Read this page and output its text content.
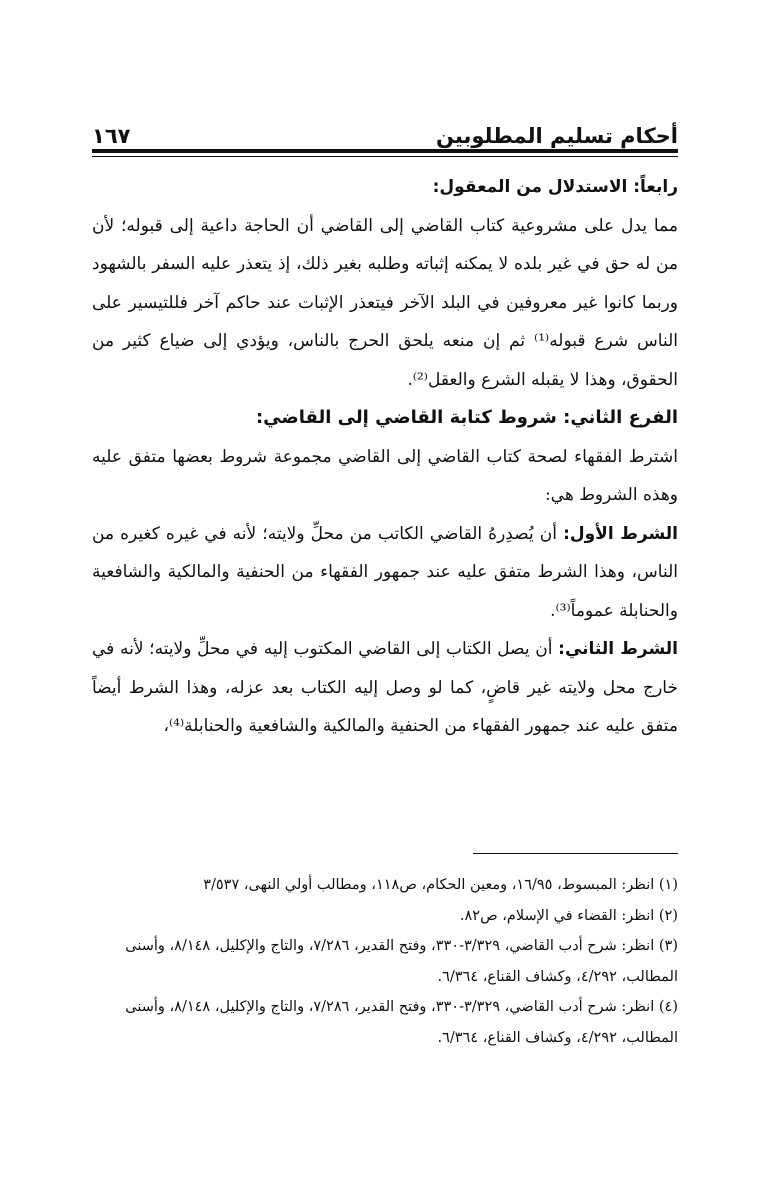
أحكام تسليم المطلوبين
١٦٧

رابعاً: الاستدلال من المعقول:

مما يدل على مشروعية كتاب القاضي إلى القاضي أن الحاجة داعية إلى قبوله؛ لأن من له حق في غير بلده لا يمكنه إثباته وطلبه بغير ذلك، إذ يتعذر عليه السفر بالشهود وربما كانوا غير معروفين في البلد الآخر فيتعذر الإثبات عند حاكم آخر فللتيسير على الناس شرع قبوله⁽¹⁾ ثم إن منعه يلحق الحرج بالناس، ويؤدي إلى ضياع كثير من الحقوق، وهذا لا يقبله الشرع والعقل⁽²⁾.

الفرع الثاني: شروط كتابة القاضي إلى القاضي:

اشترط الفقهاء لصحة كتاب القاضي إلى القاضي مجموعة شروط بعضها متفق عليه وهذه الشروط هي:

الشرط الأول: أن يُصدِرهُ القاضي الكاتب من محلِّ ولايته؛ لأنه في غيره كغيره من الناس، وهذا الشرط متفق عليه عند جمهور الفقهاء من الحنفية والمالكية والشافعية والحنابلة عموماً⁽³⁾.

الشرط الثاني: أن يصل الكتاب إلى القاضي المكتوب إليه في محلِّ ولايته؛ لأنه في خارج محل ولايته غير قاضٍ، كما لو وصل إليه الكتاب بعد عزله، وهذا الشرط أيضاً متفق عليه عند جمهور الفقهاء من الحنفية والمالكية والشافعية والحنابلة⁽⁴⁾،

(١) انظر: المبسوط، ١٦/٩٥، ومعين الحكام، ص١١٨، ومطالب أولي النهى، ٣/٥٣٧

(٢) انظر: القضاء في الإسلام، ص٨٢.

(٣) انظر: شرح أدب القاضي، ٣/٣٢٩-٣٣٠، وفتح القدير، ٧/٢٨٦، والتاج والإكليل، ٨/١٤٨، وأسنى المطالب، ٤/٢٩٢، وكشاف القناع، ٦/٣٦٤.

(٤) انظر: شرح أدب القاضي، ٣/٣٢٩-٣٣٠، وفتح القدير، ٧/٢٨٦، والتاج والإكليل، ٨/١٤٨، وأسنى المطالب، ٤/٢٩٢، وكشاف القناع، ٦/٣٦٤.
